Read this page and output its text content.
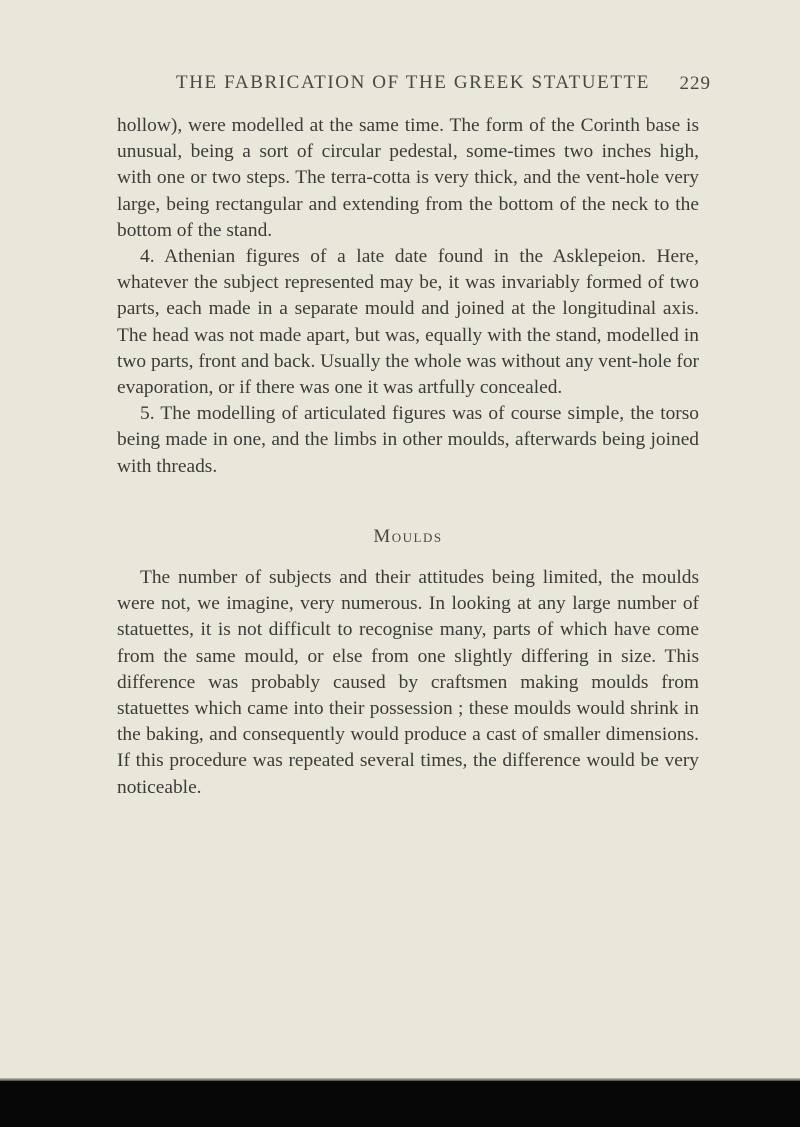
THE FABRICATION OF THE GREEK STATUETTE	229

hollow), were modelled at the same time. The form of the Corinth base is unusual, being a sort of circular pedestal, some-times two inches high, with one or two steps. The terra-cotta is very thick, and the vent-hole very large, being rectangular and extending from the bottom of the neck to the bottom of the stand.

4. Athenian figures of a late date found in the Asklepeion. Here, whatever the subject represented may be, it was invariably formed of two parts, each made in a separate mould and joined at the longitudinal axis. The head was not made apart, but was, equally with the stand, modelled in two parts, front and back. Usually the whole was without any vent-hole for evaporation, or if there was one it was artfully concealed.

5. The modelling of articulated figures was of course simple, the torso being made in one, and the limbs in other moulds, afterwards being joined with threads.

Moulds

The number of subjects and their attitudes being limited, the moulds were not, we imagine, very numerous. In looking at any large number of statuettes, it is not difficult to recognise many, parts of which have come from the same mould, or else from one slightly differing in size. This difference was probably caused by craftsmen making moulds from statuettes which came into their possession ; these moulds would shrink in the baking, and consequently would produce a cast of smaller dimensions. If this procedure was repeated several times, the difference would be very noticeable.
